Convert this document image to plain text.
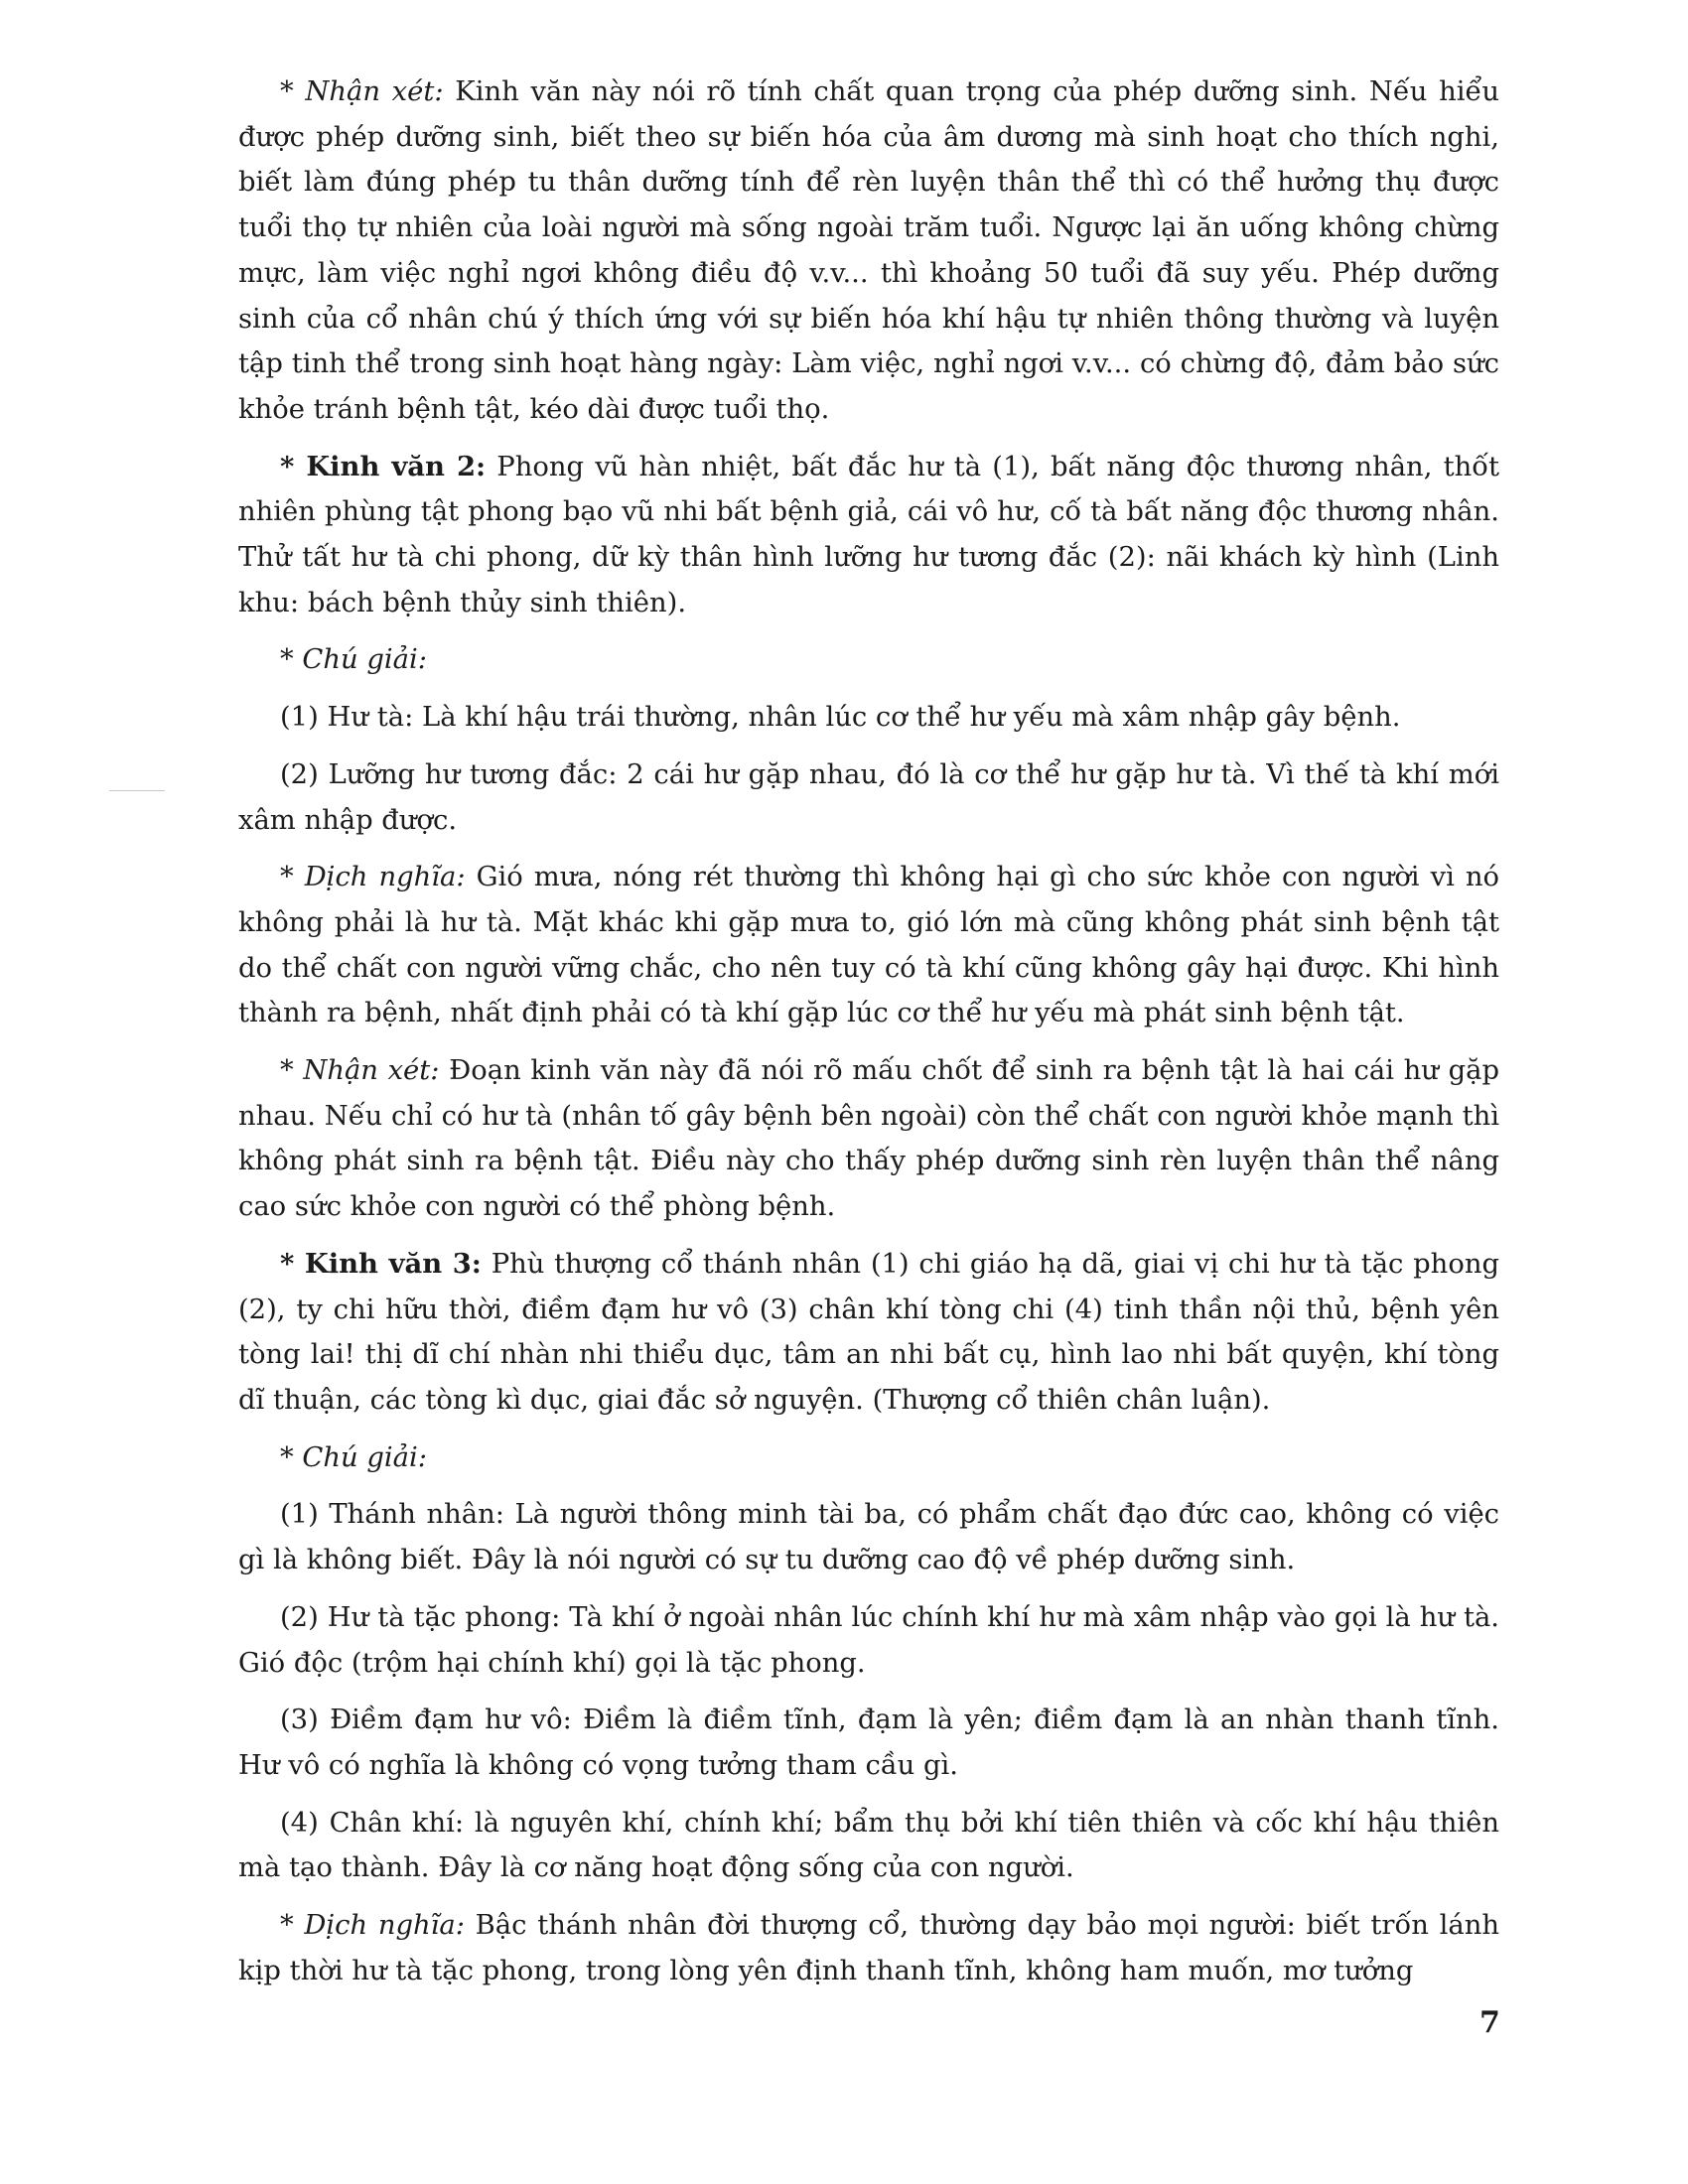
* Nhận xét: Kinh văn này nói rõ tính chất quan trọng của phép dưỡng sinh. Nếu hiểu được phép dưỡng sinh, biết theo sự biến hóa của âm dương mà sinh hoạt cho thích nghi, biết làm đúng phép tu thân dưỡng tính để rèn luyện thân thể thì có thể hưởng thụ được tuổi thọ tự nhiên của loài người mà sống ngoài trăm tuổi. Ngược lại ăn uống không chừng mực, làm việc nghỉ ngơi không điều độ v.v... thì khoảng 50 tuổi đã suy yếu. Phép dưỡng sinh của cổ nhân chú ý thích ứng với sự biến hóa khí hậu tự nhiên thông thường và luyện tập tinh thể trong sinh hoạt hàng ngày: Làm việc, nghỉ ngơi v.v... có chừng độ, đảm bảo sức khỏe tránh bệnh tật, kéo dài được tuổi thọ.

* Kinh văn 2: Phong vũ hàn nhiệt, bất đắc hư tà (1), bất năng độc thương nhân, thốt nhiên phùng tật phong bạo vũ nhi bất bệnh giả, cái vô hư, cố tà bất năng độc thương nhân. Thử tất hư tà chi phong, dữ kỳ thân hình lưỡng hư tương đắc (2): nãi khách kỳ hình (Linh khu: bách bệnh thủy sinh thiên).

* Chú giải:

(1) Hư tà: Là khí hậu trái thường, nhân lúc cơ thể hư yếu mà xâm nhập gây bệnh.

(2) Lưỡng hư tương đắc: 2 cái hư gặp nhau, đó là cơ thể hư gặp hư tà. Vì thế tà khí mới xâm nhập được.

* Dịch nghĩa: Gió mưa, nóng rét thường thì không hại gì cho sức khỏe con người vì nó không phải là hư tà. Mặt khác khi gặp mưa to, gió lớn mà cũng không phát sinh bệnh tật do thể chất con người vững chắc, cho nên tuy có tà khí cũng không gây hại được. Khi hình thành ra bệnh, nhất định phải có tà khí gặp lúc cơ thể hư yếu mà phát sinh bệnh tật.

* Nhận xét: Đoạn kinh văn này đã nói rõ mấu chốt để sinh ra bệnh tật là hai cái hư gặp nhau. Nếu chỉ có hư tà (nhân tố gây bệnh bên ngoài) còn thể chất con người khỏe mạnh thì không phát sinh ra bệnh tật. Điều này cho thấy phép dưỡng sinh rèn luyện thân thể nâng cao sức khỏe con người có thể phòng bệnh.

* Kinh văn 3: Phù thượng cổ thánh nhân (1) chi giáo hạ dã, giai vị chi hư tà tặc phong (2), ty chi hữu thời, điềm đạm hư vô (3) chân khí tòng chi (4) tinh thần nội thủ, bệnh yên tòng lai! thị dĩ chí nhàn nhi thiểu dục, tâm an nhi bất cụ, hình lao nhi bất quyện, khí tòng dĩ thuận, các tòng kì dục, giai đắc sở nguyện. (Thượng cổ thiên chân luận).

* Chú giải:

(1) Thánh nhân: Là người thông minh tài ba, có phẩm chất đạo đức cao, không có việc gì là không biết. Đây là nói người có sự tu dưỡng cao độ về phép dưỡng sinh.

(2) Hư tà tặc phong: Tà khí ở ngoài nhân lúc chính khí hư mà xâm nhập vào gọi là hư tà. Gió độc (trộm hại chính khí) gọi là tặc phong.

(3) Điềm đạm hư vô: Điềm là điềm tĩnh, đạm là yên; điềm đạm là an nhàn thanh tĩnh. Hư vô có nghĩa là không có vọng tưởng tham cầu gì.

(4) Chân khí: là nguyên khí, chính khí; bẩm thụ bởi khí tiên thiên và cốc khí hậu thiên mà tạo thành. Đây là cơ năng hoạt động sống của con người.

* Dịch nghĩa: Bậc thánh nhân đời thượng cổ, thường dạy bảo mọi người: biết trốn lánh kịp thời hư tà tặc phong, trong lòng yên định thanh tĩnh, không ham muốn, mơ tưởng

7
